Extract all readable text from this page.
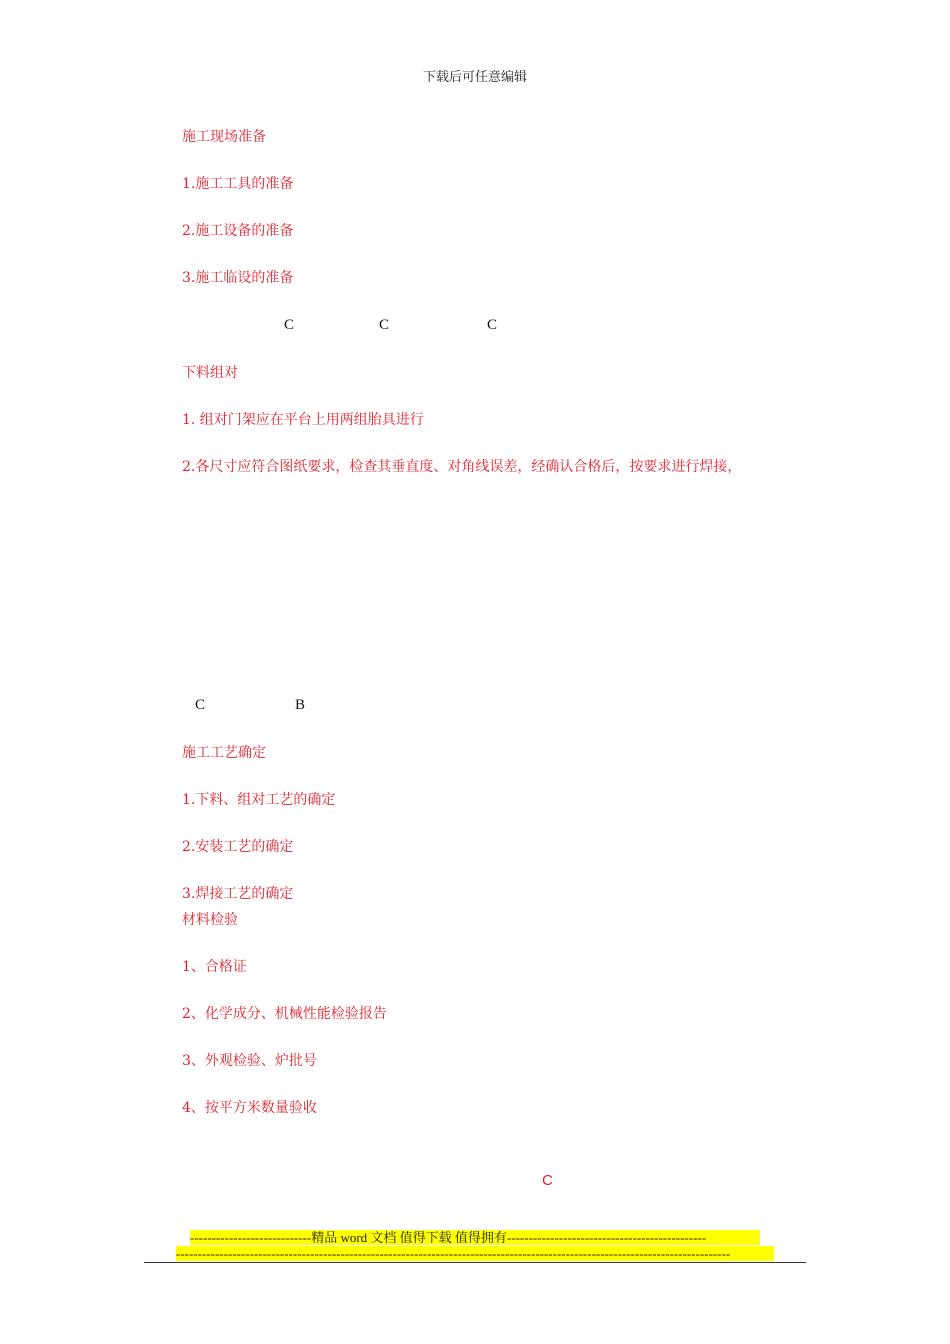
下载后可任意编辑
施工现场准备
1.施工工具的准备
2.施工设备的准备
3.施工临设的准备
C	C	C
下料组对
1. 组对门架应在平台上用两组胎具进行
2.各尺寸应符合图纸要求，检查其垂直度、对角线误差，经确认合格后，按要求进行焊接，
C	B
施工工艺确定
1.下料、组对工艺的确定
2.安装工艺的确定
3.焊接工艺的确定
材料检验
1、合格证
2、化学成分、机械性能检验报告
3、外观检验、炉批号
4、按平方米数量验收
C
----------------------------精品 word 文档 值得下载 值得拥有----------------------------------------------
--------------------------------------------------------------------------------------------------------------------------------
